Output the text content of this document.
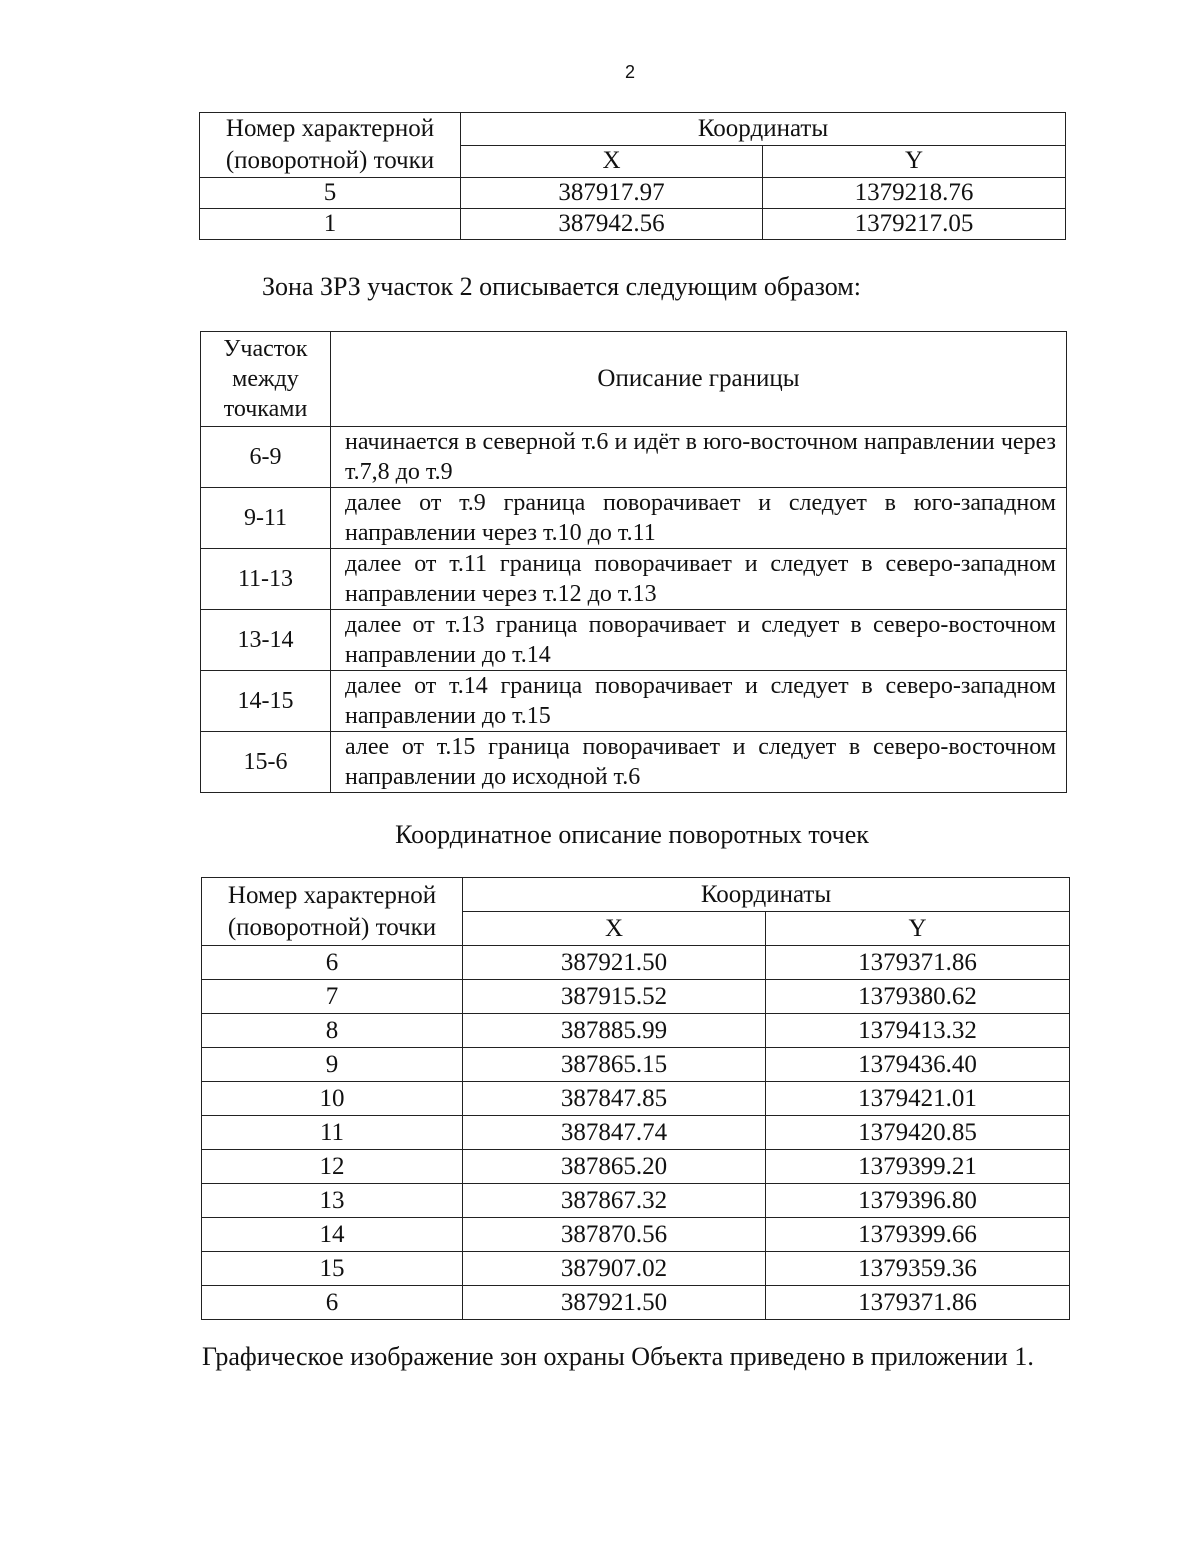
2
Номер характерной (поворотной) точки	Координаты	
	X	Y
5	387917.97	1379218.76
1	387942.56	1379217.05
Зона ЗРЗ участок 2 описывается следующим образом:
Участок между точками	Описание границы
6-9	начинается в северной т.6 и идёт в юго-восточном направлении через т.7,8 до т.9
9-11	далее от т.9 граница поворачивает и следует в юго-западном направлении через т.10 до т.11
11-13	далее от т.11 граница поворачивает и следует в северо-западном направлении через т.12 до т.13
13-14	далее от т.13 граница поворачивает и следует в северо-восточном направлении до т.14
14-15	далее от т.14 граница поворачивает и следует в северо-западном направлении до т.15
15-6	алее от т.15 граница поворачивает и следует в северо-восточном направлении до исходной т.6
Координатное описание поворотных точек
Номер характерной (поворотной) точки	Координаты	
	X	Y
6	387921.50	1379371.86
7	387915.52	1379380.62
8	387885.99	1379413.32
9	387865.15	1379436.40
10	387847.85	1379421.01
11	387847.74	1379420.85
12	387865.20	1379399.21
13	387867.32	1379396.80
14	387870.56	1379399.66
15	387907.02	1379359.36
6	387921.50	1379371.86
Графическое изображение зон охраны Объекта приведено в приложении 1.
